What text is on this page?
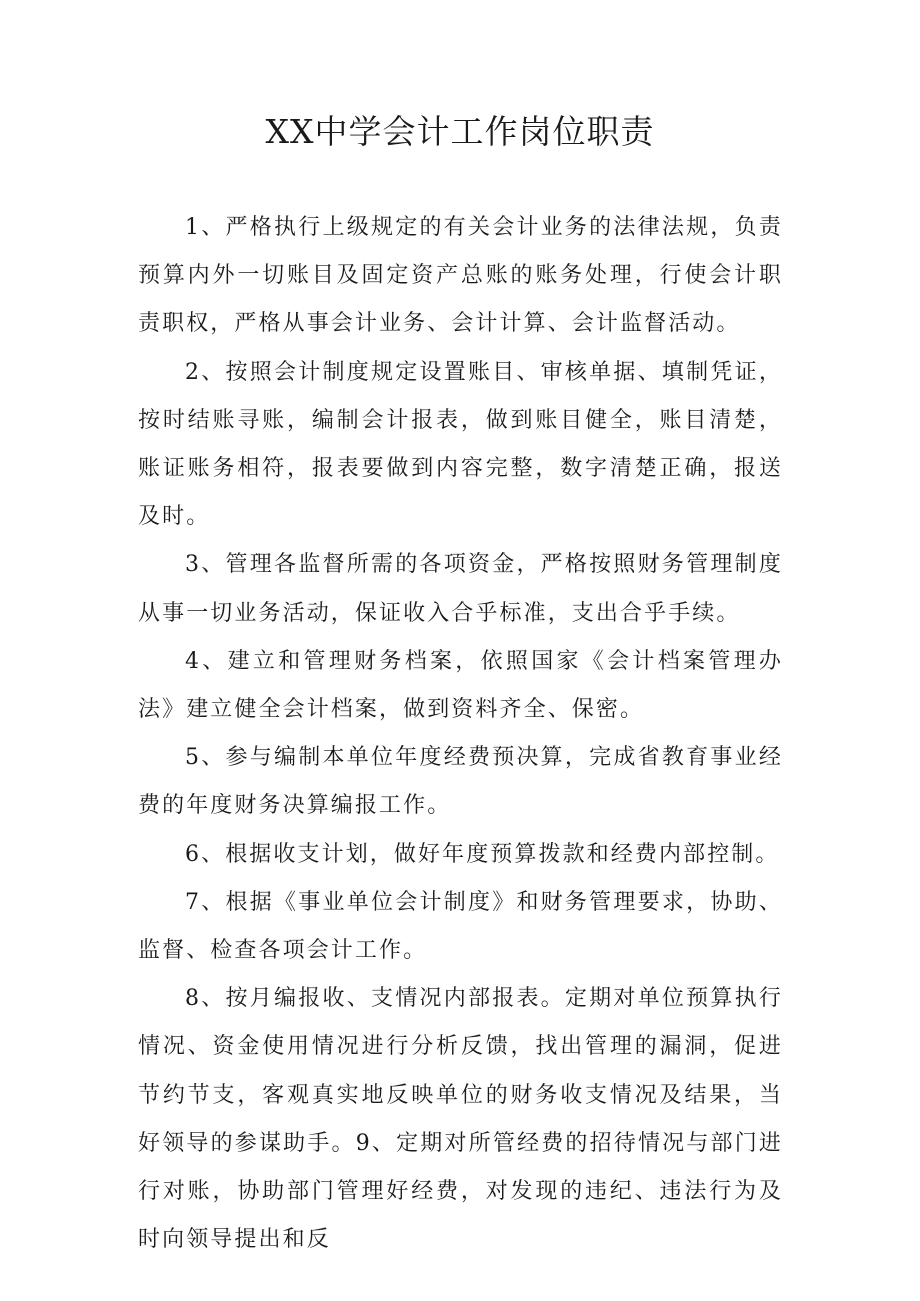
XX中学会计工作岗位职责

1、严格执行上级规定的有关会计业务的法律法规，负责预算内外一切账目及固定资产总账的账务处理，行使会计职责职权，严格从事会计业务、会计计算、会计监督活动。

2、按照会计制度规定设置账目、审核单据、填制凭证，按时结账寻账，编制会计报表，做到账目健全，账目清楚，账证账务相符，报表要做到内容完整，数字清楚正确，报送及时。

3、管理各监督所需的各项资金，严格按照财务管理制度从事一切业务活动，保证收入合乎标准，支出合乎手续。

4、建立和管理财务档案，依照国家《会计档案管理办法》建立健全会计档案，做到资料齐全、保密。

5、参与编制本单位年度经费预决算，完成省教育事业经费的年度财务决算编报工作。

6、根据收支计划，做好年度预算拨款和经费内部控制。

7、根据《事业单位会计制度》和财务管理要求，协助、监督、检查各项会计工作。

8、按月编报收、支情况内部报表。定期对单位预算执行情况、资金使用情况进行分析反馈，找出管理的漏洞，促进节约节支，客观真实地反映单位的财务收支情况及结果，当好领导的参谋助手。9、定期对所管经费的招待情况与部门进行对账，协助部门管理好经费，对发现的违纪、违法行为及时向领导提出和反
